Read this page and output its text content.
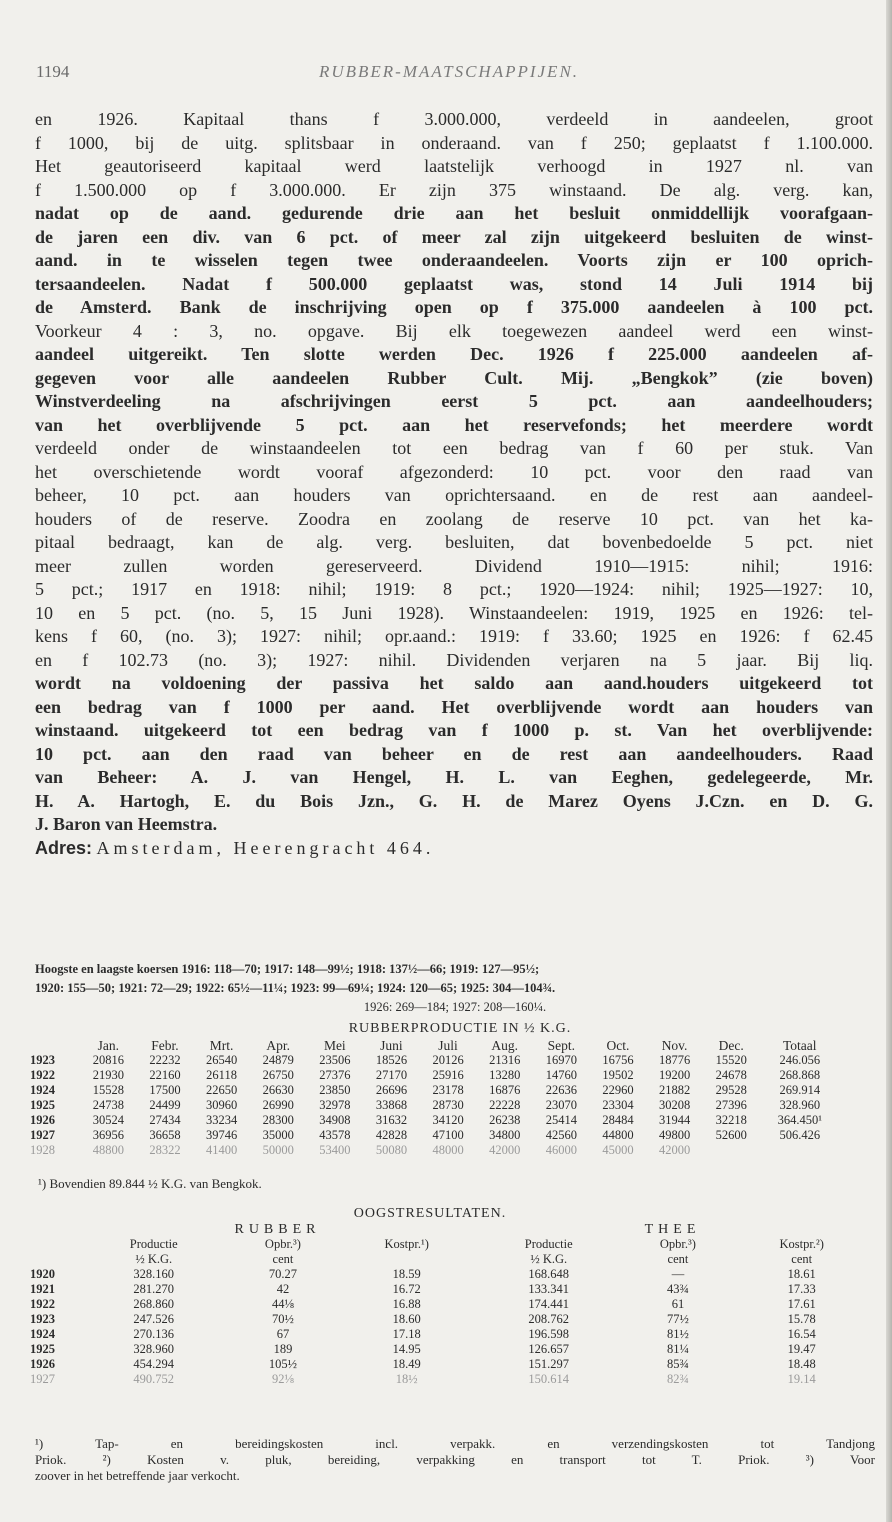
1194	RUBBER-MAATSCHAPPIJEN.
en 1926. Kapitaal thans f 3.000.000, verdeeld in aandeelen, groot
f 1000, bij de uitg. splitsbaar in onderaand. van f 250; geplaatst f 1.100.000.
Het geautoriseerd kapitaal werd laatstelijk verhoogd in 1927 nl. van
f 1.500.000 op f 3.000.000. Er zijn 375 winstaand. De alg. verg. kan,
nadat op de aand. gedurende drie aan het besluit onmiddellijk voorafgaan-
de jaren een div. van 6 pct. of meer zal zijn uitgekeerd besluiten de winst-
aand. in te wisselen tegen twee onderaandeelen. Voorts zijn er 100 oprich-
tersaandeelen. Nadat f 500.000 geplaatst was, stond 14 Juli 1914 bij
de Amsterd. Bank de inschrijving open op f 375.000 aandeelen à 100 pct.
Voorkeur 4 : 3, no. opgave. Bij elk toegewezen aandeel werd een winst-
aandeel uitgereikt. Ten slotte werden Dec. 1926 f 225.000 aandeelen af-
gegeven voor alle aandeelen Rubber Cult. Mij. „Bengkok” (zie boven)
Winstverdeeling na afschrijvingen eerst 5 pct. aan aandeelhouders;
van het overblijvende 5 pct. aan het reservefonds; het meerdere wordt
verdeeld onder de winstaandeelen tot een bedrag van f 60 per stuk. Van
het overschietende wordt vooraf afgezonderd: 10 pct. voor den raad van
beheer, 10 pct. aan houders van oprichtersaand. en de rest aan aandeel-
houders of de reserve. Zoodra en zoolang de reserve 10 pct. van het ka-
pitaal bedraagt, kan de alg. verg. besluiten, dat bovenbedoelde 5 pct. niet
meer zullen worden gereserveerd. Dividend 1910—1915: nihil; 1916:
5 pct.; 1917 en 1918: nihil; 1919: 8 pct.; 1920—1924: nihil; 1925—1927: 10,
10 en 5 pct. (no. 5, 15 Juni 1928). Winstaandeelen: 1919, 1925 en 1926: tel-
kens f 60, (no. 3); 1927: nihil; opr.aand.: 1919: f 33.60; 1925 en 1926: f 62.45
en f 102.73 (no. 3); 1927: nihil. Dividenden verjaren na 5 jaar. Bij liq.
wordt na voldoening der passiva het saldo aan aand.houders uitgekeerd tot
een bedrag van f 1000 per aand. Het overblijvende wordt aan houders van
winstaand. uitgekeerd tot een bedrag van f 1000 p. st. Van het overblijvende:
10 pct. aan den raad van beheer en de rest aan aandeelhouders. Raad
van Beheer: A. J. van Hengel, H. L. van Eeghen, gedelegeerde, Mr.
H. A. Hartogh, E. du Bois Jzn., G. H. de Marez Oyens J.Czn. en D. G.
J. Baron van Heemstra.
Adres: Amsterdam, Heerengracht 464.
Hoogste en laagste koersen 1916: 118—70; 1917: 148—99½; 1918: 137½—66; 1919: 127—95½;
1920: 155—50; 1921: 72—29; 1922: 65½—11¼; 1923: 99—69¼; 1924: 120—65; 1925: 304—104¾.
1926: 269—184; 1927: 208—160¼.
RUBBERPRODUCTIE IN ½ K.G.
	Jan.	Febr.	Mrt.	Apr.	Mei	Juni	Juli	Aug.	Sept.	Oct.	Nov.	Dec.	Totaal
1923	20816	22232	26540	24879	23506	18526	20126	21316	16970	16756	18776	15520	246.056
1922	21930	22160	26118	26750	27376	27170	25916	13280	14760	19502	19200	24678	268.868
1924	15528	17500	22650	26630	23850	26696	23178	16876	22636	22960	21882	29528	269.914
1925	24738	24499	30960	26990	32978	33868	28730	22228	23070	23304	30208	27396	328.960
1926	30524	27434	33234	28300	34908	31632	34120	26238	25414	28484	31944	32218	364.450¹
1927	36956	36658	39746	35000	43578	42828	47100	34800	42560	44800	49800	52600	506.426
1928	48800	28322	41400	50000	53400	50080	48000	42000	46000	45000	42000		
¹) Bovendien 89.844 ½ K.G. van Bengkok.
OOGSTRESULTATEN.
	RUBBER			THEE		
	Productie	Opbr.³)	Kostpr.¹)	Productie	Opbr.³)	Kostpr.²)
	½ K.G.	cent		½ K.G.	cent	cent
1920	328.160	70.27	18.59	168.648	—	18.61
1921	281.270	42	16.72	133.341	43¾	17.33
1922	268.860	44⅛	16.88	174.441	61	17.61
1923	247.526	70½	18.60	208.762	77½	15.78
1924	270.136	67	17.18	196.598	81½	16.54
1925	328.960	189	14.95	126.657	81¼	19.47
1926	454.294	105½	18.49	151.297	85¾	18.48
1927	490.752	92⅛	18½	150.614	82¾	19.14
¹) Tap- en bereidingskosten incl. verpakk. en verzendingskosten tot Tandjong
Priok. ²) Kosten v. pluk, bereiding, verpakking en transport tot T. Priok. ³) Voor
zoover in het betreffende jaar verkocht.
